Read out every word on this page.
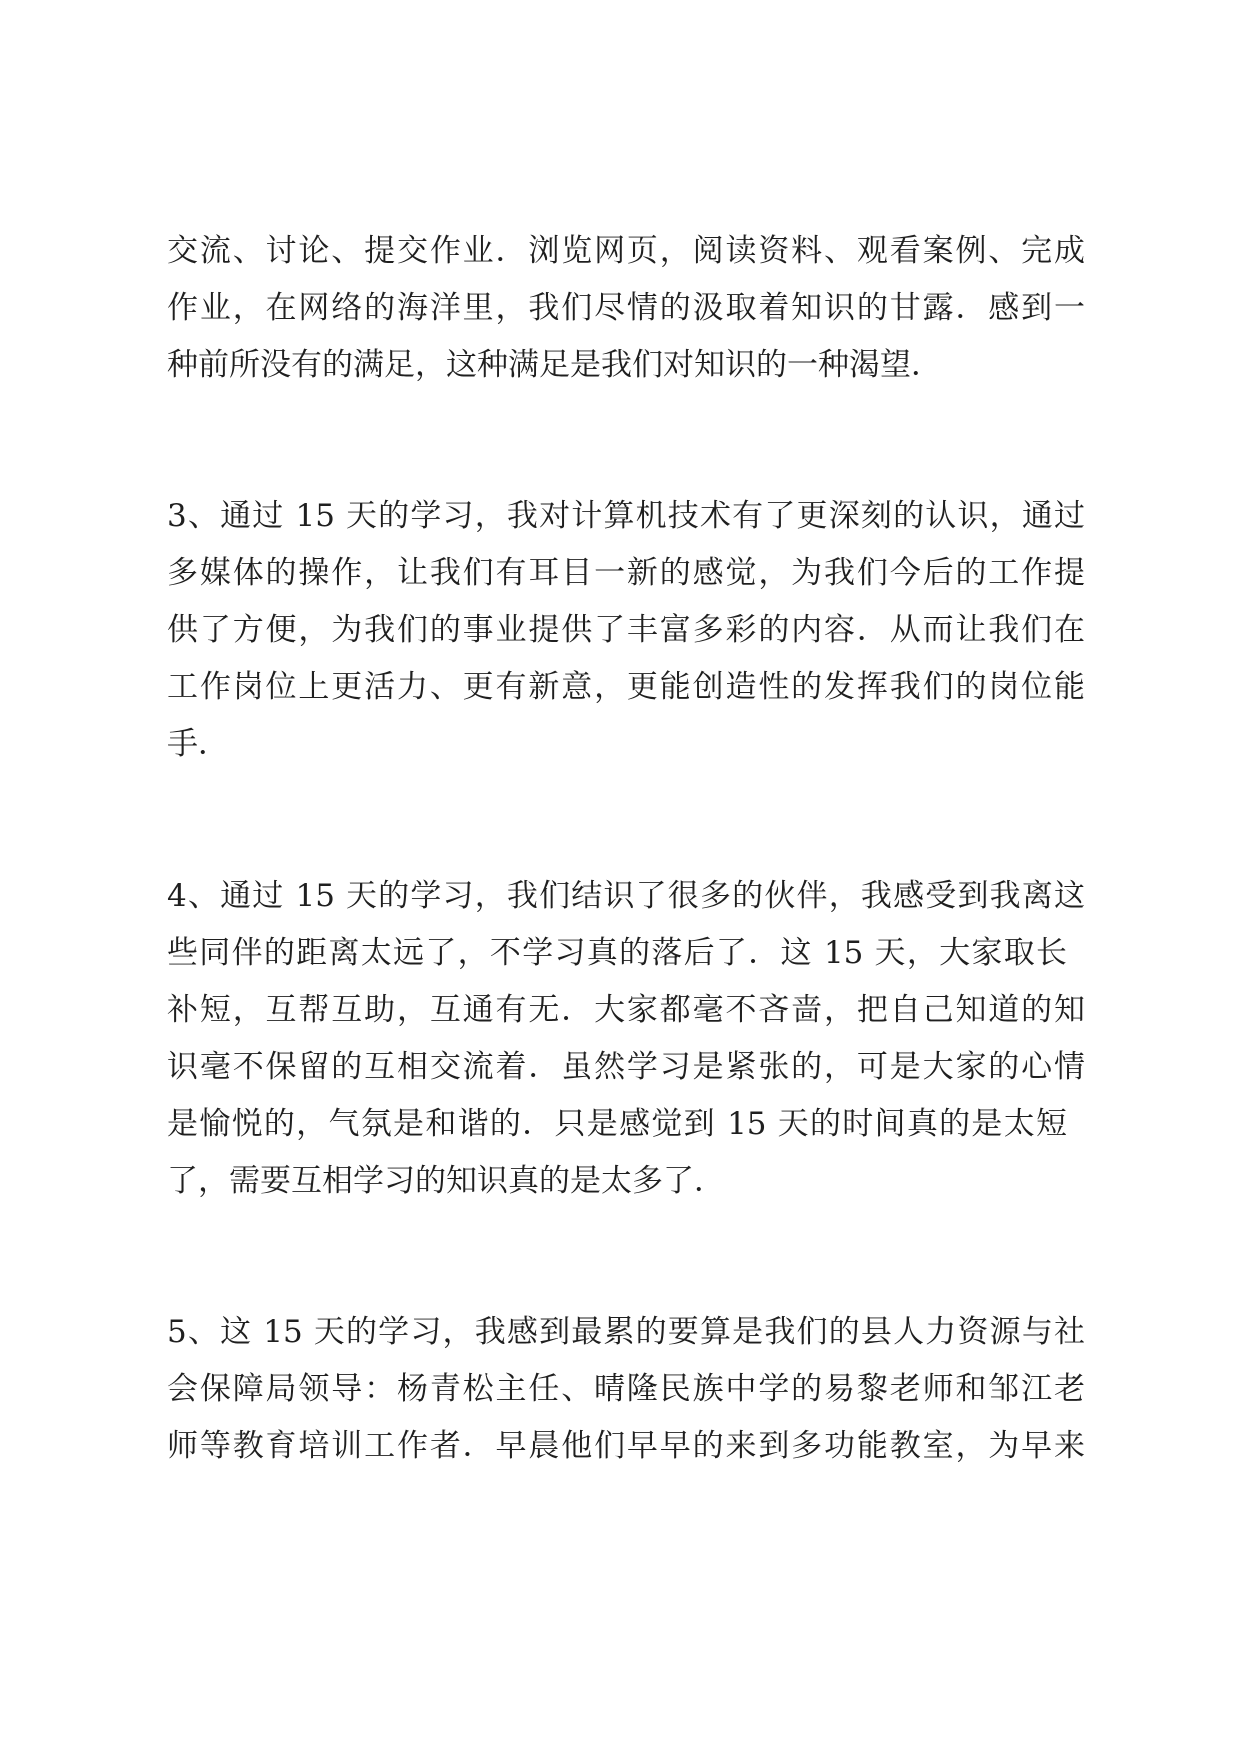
交流、讨论、提交作业．浏览网页，阅读资料、观看案例、完成
作业，在网络的海洋里，我们尽情的汲取着知识的甘露．感到一
种前所没有的满足，这种满足是我们对知识的一种渴望．
3、通过 15 天的学习，我对计算机技术有了更深刻的认识，通过
多媒体的操作，让我们有耳目一新的感觉，为我们今后的工作提
供了方便，为我们的事业提供了丰富多彩的内容．从而让我们在
工作岗位上更活力、更有新意，更能创造性的发挥我们的岗位能
手．
4、通过 15 天的学习，我们结识了很多的伙伴，我感受到我离这
些同伴的距离太远了，不学习真的落后了．这 15 天，大家取长
补短，互帮互助，互通有无．大家都毫不吝啬，把自己知道的知
识毫不保留的互相交流着．虽然学习是紧张的，可是大家的心情
是愉悦的，气氛是和谐的．只是感觉到 15 天的时间真的是太短
了，需要互相学习的知识真的是太多了．
5、这 15 天的学习，我感到最累的要算是我们的县人力资源与社
会保障局领导：杨青松主任、晴隆民族中学的易黎老师和邹江老
师等教育培训工作者．早晨他们早早的来到多功能教室，为早来
